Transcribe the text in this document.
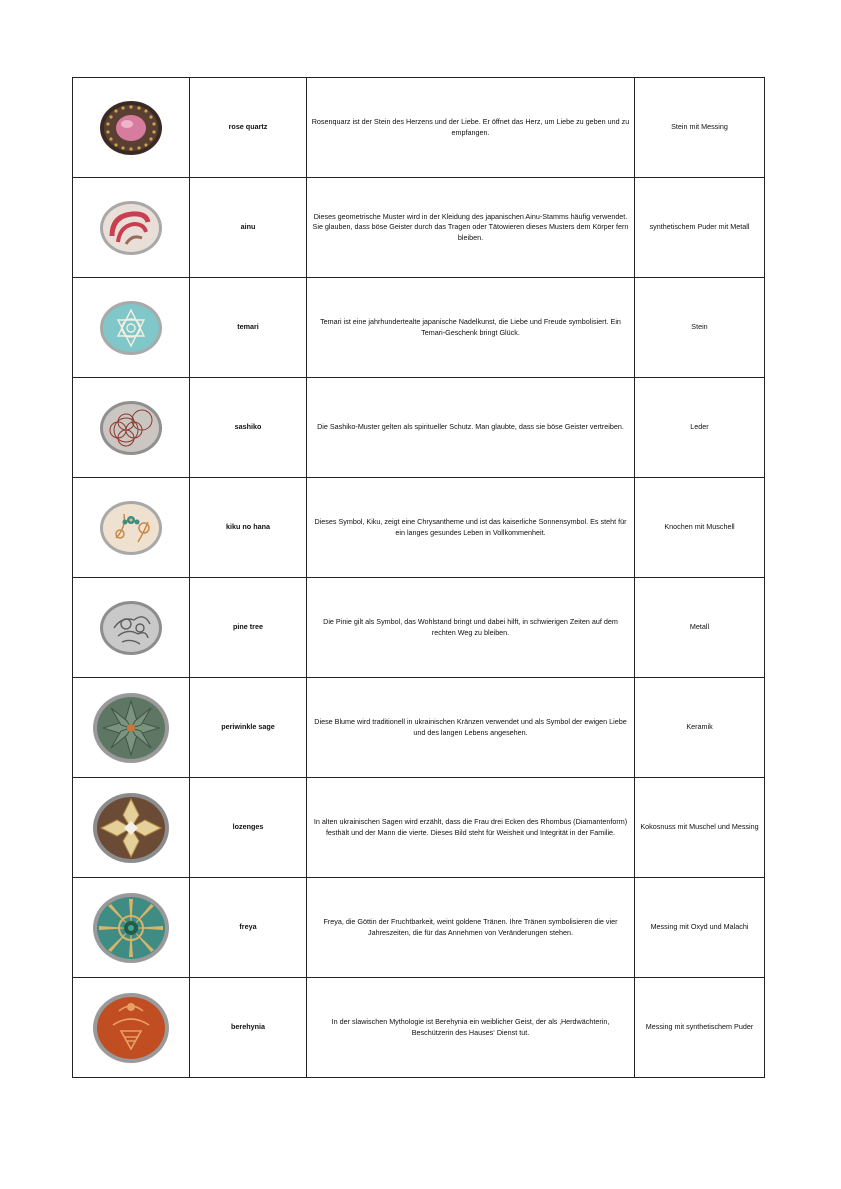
	rose quartz	Rosenquarz ist der Stein des Herzens und der Liebe. Er öffnet das Herz, um Liebe zu geben und zu empfangen.	Stein mit Messing

	ainu	Dieses geometrische Muster wird in der Kleidung des japanischen Ainu-Stamms häufig verwendet. Sie glauben, dass böse Geister durch das Tragen oder Tätowieren dieses Musters dem Körper fern bleiben.	synthetischem Puder mit Metall

	temari	Temari ist eine jahrhundertealte japanische Nadelkunst, die Liebe und Freude symbolisiert. Ein Temari-Geschenk bringt Glück.	Stein

	sashiko	Die Sashiko-Muster gelten als spiritueller Schutz. Man glaubte, dass sie böse Geister vertreiben.	Leder

	kiku no hana	Dieses Symbol, Kiku, zeigt eine Chrysantheme und ist das kaiserliche Sonnensymbol. Es steht für ein langes gesundes Leben in Vollkommenheit.	Knochen mit Muschell

	pine tree	Die Pinie gilt als Symbol, das Wohlstand bringt und dabei hilft, in schwierigen Zeiten auf dem rechten Weg zu bleiben.	Metall

	periwinkle sage	Diese Blume wird traditionell in ukrainischen Kränzen verwendet und als Symbol der ewigen Liebe und des langen Lebens angesehen.	Keramik

	lozenges	In alten ukrainischen Sagen wird erzählt, dass die Frau drei Ecken des Rhombus (Diamantenform) festhält und der Mann die vierte. Dieses Bild steht für Weisheit und Integrität in der Familie.	Kokosnuss mit Muschel und Messing

	freya	Freya, die Göttin der Fruchtbarkeit, weint goldene Tränen. Ihre Tränen symbolisieren die vier Jahreszeiten, die für das Annehmen von Veränderungen stehen.	Messing mit Oxyd und Malachi

	berehynia	In der slawischen Mythologie ist Berehynia ein weiblicher Geist, der als ‚Herdwächterin, Beschützerin des Hauses‘ Dienst tut.	Messing mit synthetischem Puder
